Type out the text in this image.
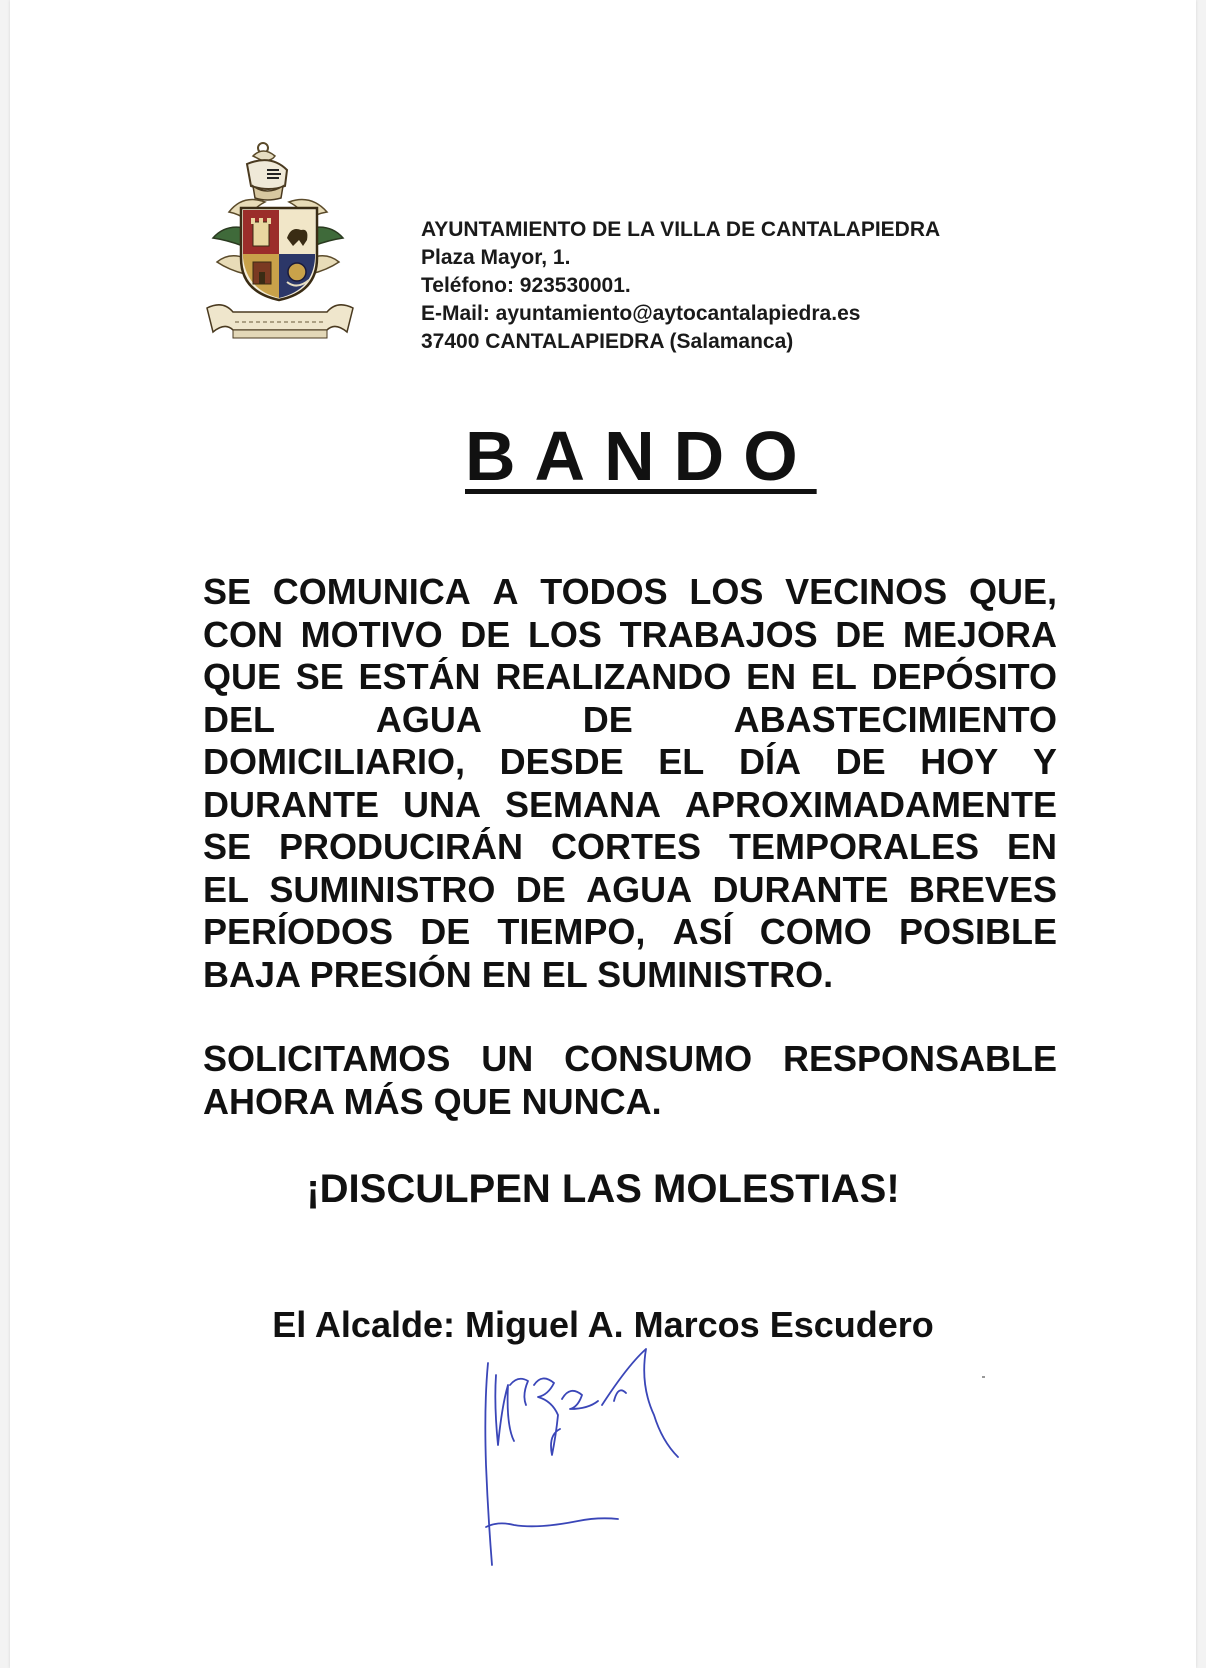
AYUNTAMIENTO DE LA VILLA DE CANTALAPIEDRA
Plaza Mayor, 1.
Teléfono: 923530001.
E-Mail: ayuntamiento@aytocantalapiedra.es
37400 CANTALAPIEDRA (Salamanca)
BANDO
SE COMUNICA A TODOS LOS VECINOS QUE,
CON MOTIVO DE LOS TRABAJOS DE MEJORA
QUE SE ESTÁN REALIZANDO EN EL DEPÓSITO
DEL	AGUA	DE	ABASTECIMIENTO
DOMICILIARIO, DESDE EL DÍA DE HOY Y
DURANTE UNA SEMANA APROXIMADAMENTE
SE PRODUCIRÁN CORTES TEMPORALES EN
EL SUMINISTRO DE AGUA DURANTE BREVES
PERÍODOS DE TIEMPO, ASÍ COMO POSIBLE
BAJA PRESIÓN EN EL SUMINISTRO.
SOLICITAMOS UN CONSUMO RESPONSABLE
AHORA MÁS QUE NUNCA.
¡DISCULPEN LAS MOLESTIAS!
El Alcalde: Miguel A. Marcos Escudero
